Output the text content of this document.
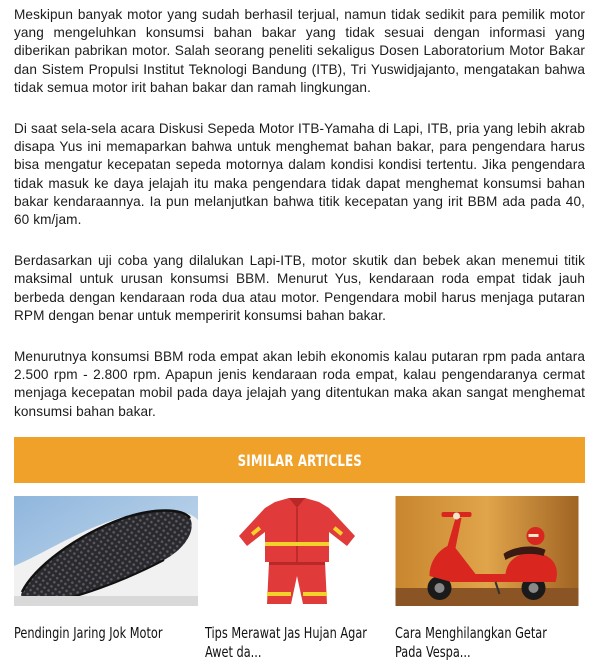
Meskipun banyak motor yang sudah berhasil terjual, namun tidak sedikit para pemilik motor yang mengeluhkan konsumsi bahan bakar yang tidak sesuai dengan informasi yang diberikan pabrikan motor. Salah seorang peneliti sekaligus Dosen Laboratorium Motor Bakar dan Sistem Propulsi Institut Teknologi Bandung (ITB), Tri Yuswidjajanto, mengatakan bahwa tidak semua motor irit bahan bakar dan ramah lingkungan.

Di saat sela-sela acara Diskusi Sepeda Motor ITB-Yamaha di Lapi, ITB, pria yang lebih akrab disapa Yus ini memaparkan bahwa untuk menghemat bahan bakar, para pengendara harus bisa mengatur kecepatan sepeda motornya dalam kondisi kondisi tertentu. Jika pengendara tidak masuk ke daya jelajah itu maka pengendara tidak dapat menghemat konsumsi bahan bakar kendaraannya. Ia pun melanjutkan bahwa titik kecepatan yang irit BBM ada pada 40, 60 km/jam.

Berdasarkan uji coba yang dilalukan Lapi-ITB, motor skutik dan bebek akan menemui titik maksimal untuk urusan konsumsi BBM. Menurut Yus, kendaraan roda empat tidak jauh berbeda dengan kendaraan roda dua atau motor. Pengendara mobil harus menjaga putaran RPM dengan benar untuk memperirit konsumsi bahan bakar.

Menurutnya konsumsi BBM roda empat akan lebih ekonomis kalau putaran rpm pada antara 2.500 rpm - 2.800 rpm. Apapun jenis kendaraan roda empat, kalau pengendaranya cermat menjaga kecepatan mobil pada daya jelajah yang ditentukan maka akan sangat menghemat konsumsi bahan bakar.

SIMILAR ARTICLES
Pendingin Jaring Jok Motor	Tips Merawat Jas Hujan Agar
Awet da...
Cara Menghilangkan Getar
Pada Vespa...
